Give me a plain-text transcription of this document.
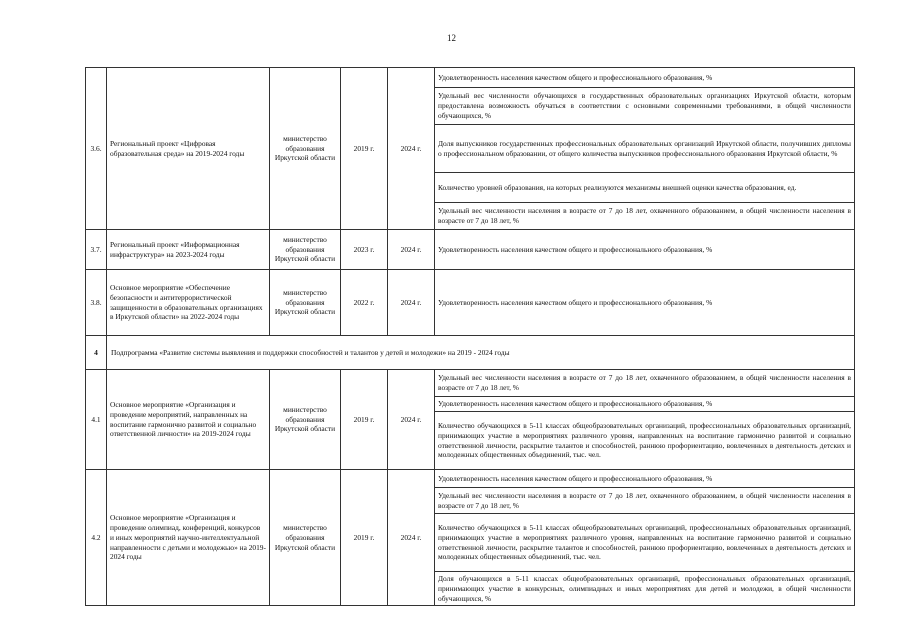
12
3.6.	Региональный проект «Цифровая образовательная среда» на 2019-2024 годы	министерство образования Иркутской области	2019 г.	2024 г.	Удовлетворенность населения качеством общего и профессионального образования, %
					Удельный вес численности обучающихся в государственных образовательных организациях Иркутской области, которым предоставлена возможность обучаться в соответствии с основными современными требованиями, в общей численности обучающихся, %
					Доля выпускников государственных профессиональных образовательных организаций Иркутской области, получивших дипломы о профессиональном образовании, от общего количества выпускников профессионального образования Иркутской области, %
					Количество уровней образования, на которых реализуются механизмы внешней оценки качества образования, ед.
					Удельный вес численности населения в возрасте от 7 до 18 лет, охваченного образованием, в общей численности населения в возрасте от 7 до 18 лет, %
3.7.	Региональный проект «Информационная инфраструктура» на 2023-2024 годы	министерство образования Иркутской области	2023 г.	2024 г.	Удовлетворенность населения качеством общего и профессионального образования, %
3.8.	Основное мероприятие «Обеспечение безопасности и антитеррористической защищенности в образовательных организациях в Иркутской области» на 2022-2024 годы	министерство образования Иркутской области	2022 г.	2024 г.	Удовлетворенность населения качеством общего и профессионального образования, %
4	Подпрограмма «Развитие системы выявления и поддержки способностей и талантов у детей и молодежи» на 2019 - 2024 годы				
4.1	Основное мероприятие «Организация и проведение мероприятий, направленных на воспитание гармонично развитой и социально ответственной личности» на 2019-2024 годы	министерство образования Иркутской области	2019 г.	2024 г.	Удельный вес численности населения в возрасте от 7 до 18 лет, охваченного образованием, в общей численности населения в возрасте от 7 до 18 лет, %
					Удовлетворенность населения качеством общего и профессионального образования, %
					Количество обучающихся в 5-11 классах общеобразовательных организаций, профессиональных образовательных организаций, принимающих участие в мероприятиях различного уровня, направленных на воспитание гармонично развитой и социально ответственной личности, раскрытие талантов и способностей, раннюю профориентацию, вовлеченных в деятельность детских и молодежных общественных объединений, тыс. чел.
4.2	Основное мероприятие «Организация и проведение олимпиад, конференций, конкурсов и иных мероприятий научно-интеллектуальной направленности с детьми и молодежью» на 2019-2024 годы	министерство образования Иркутской области	2019 г.	2024 г.	Удовлетворенность населения качеством общего и профессионального образования, %
					Удельный вес численности населения в возрасте от 7 до 18 лет, охваченного образованием, в общей численности населения в возрасте от 7 до 18 лет, %
					Количество обучающихся в 5-11 классах общеобразовательных организаций, профессиональных образовательных организаций, принимающих участие в мероприятиях различного уровня, направленных на воспитание гармонично развитой и социально ответственной личности, раскрытие талантов и способностей, раннюю профориентацию, вовлеченных в деятельность детских и молодежных общественных объединений, тыс. чел.
					Доля обучающихся в 5-11 классах общеобразовательных организаций, профессиональных образовательных организаций, принимающих участие в конкурсных, олимпиадных и иных мероприятиях для детей и молодежи, в общей численности обучающихся, %
